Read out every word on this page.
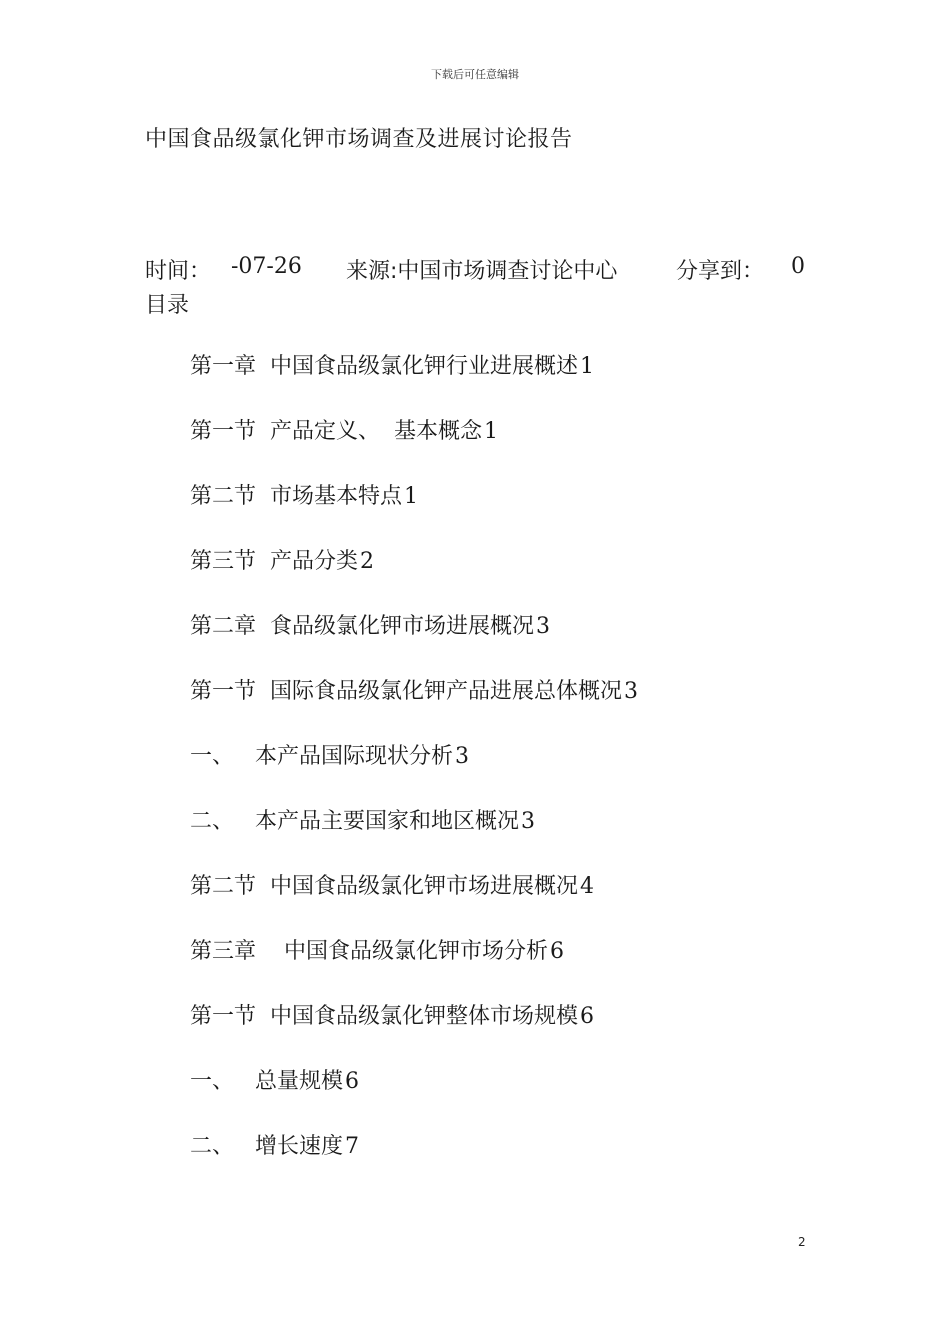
下载后可任意编辑
中国食品级氯化钾市场调查及进展讨论报告
时间： -07-26 来源:中国市场调查讨论中心	分享到： 0
目录
第一章  中国食品级氯化钾行业进展概述1
第一节  产品定义、  基本概念1
第二节  市场基本特点1
第三节  产品分类2
第二章  食品级氯化钾市场进展概况3
第一节  国际食品级氯化钾产品进展总体概况3
一、   本产品国际现状分析3
二、   本产品主要国家和地区概况3
第二节  中国食品级氯化钾市场进展概况4
第三章    中国食品级氯化钾市场分析6
第一节  中国食品级氯化钾整体市场规模6
一、   总量规模6
二、   增长速度7
2
